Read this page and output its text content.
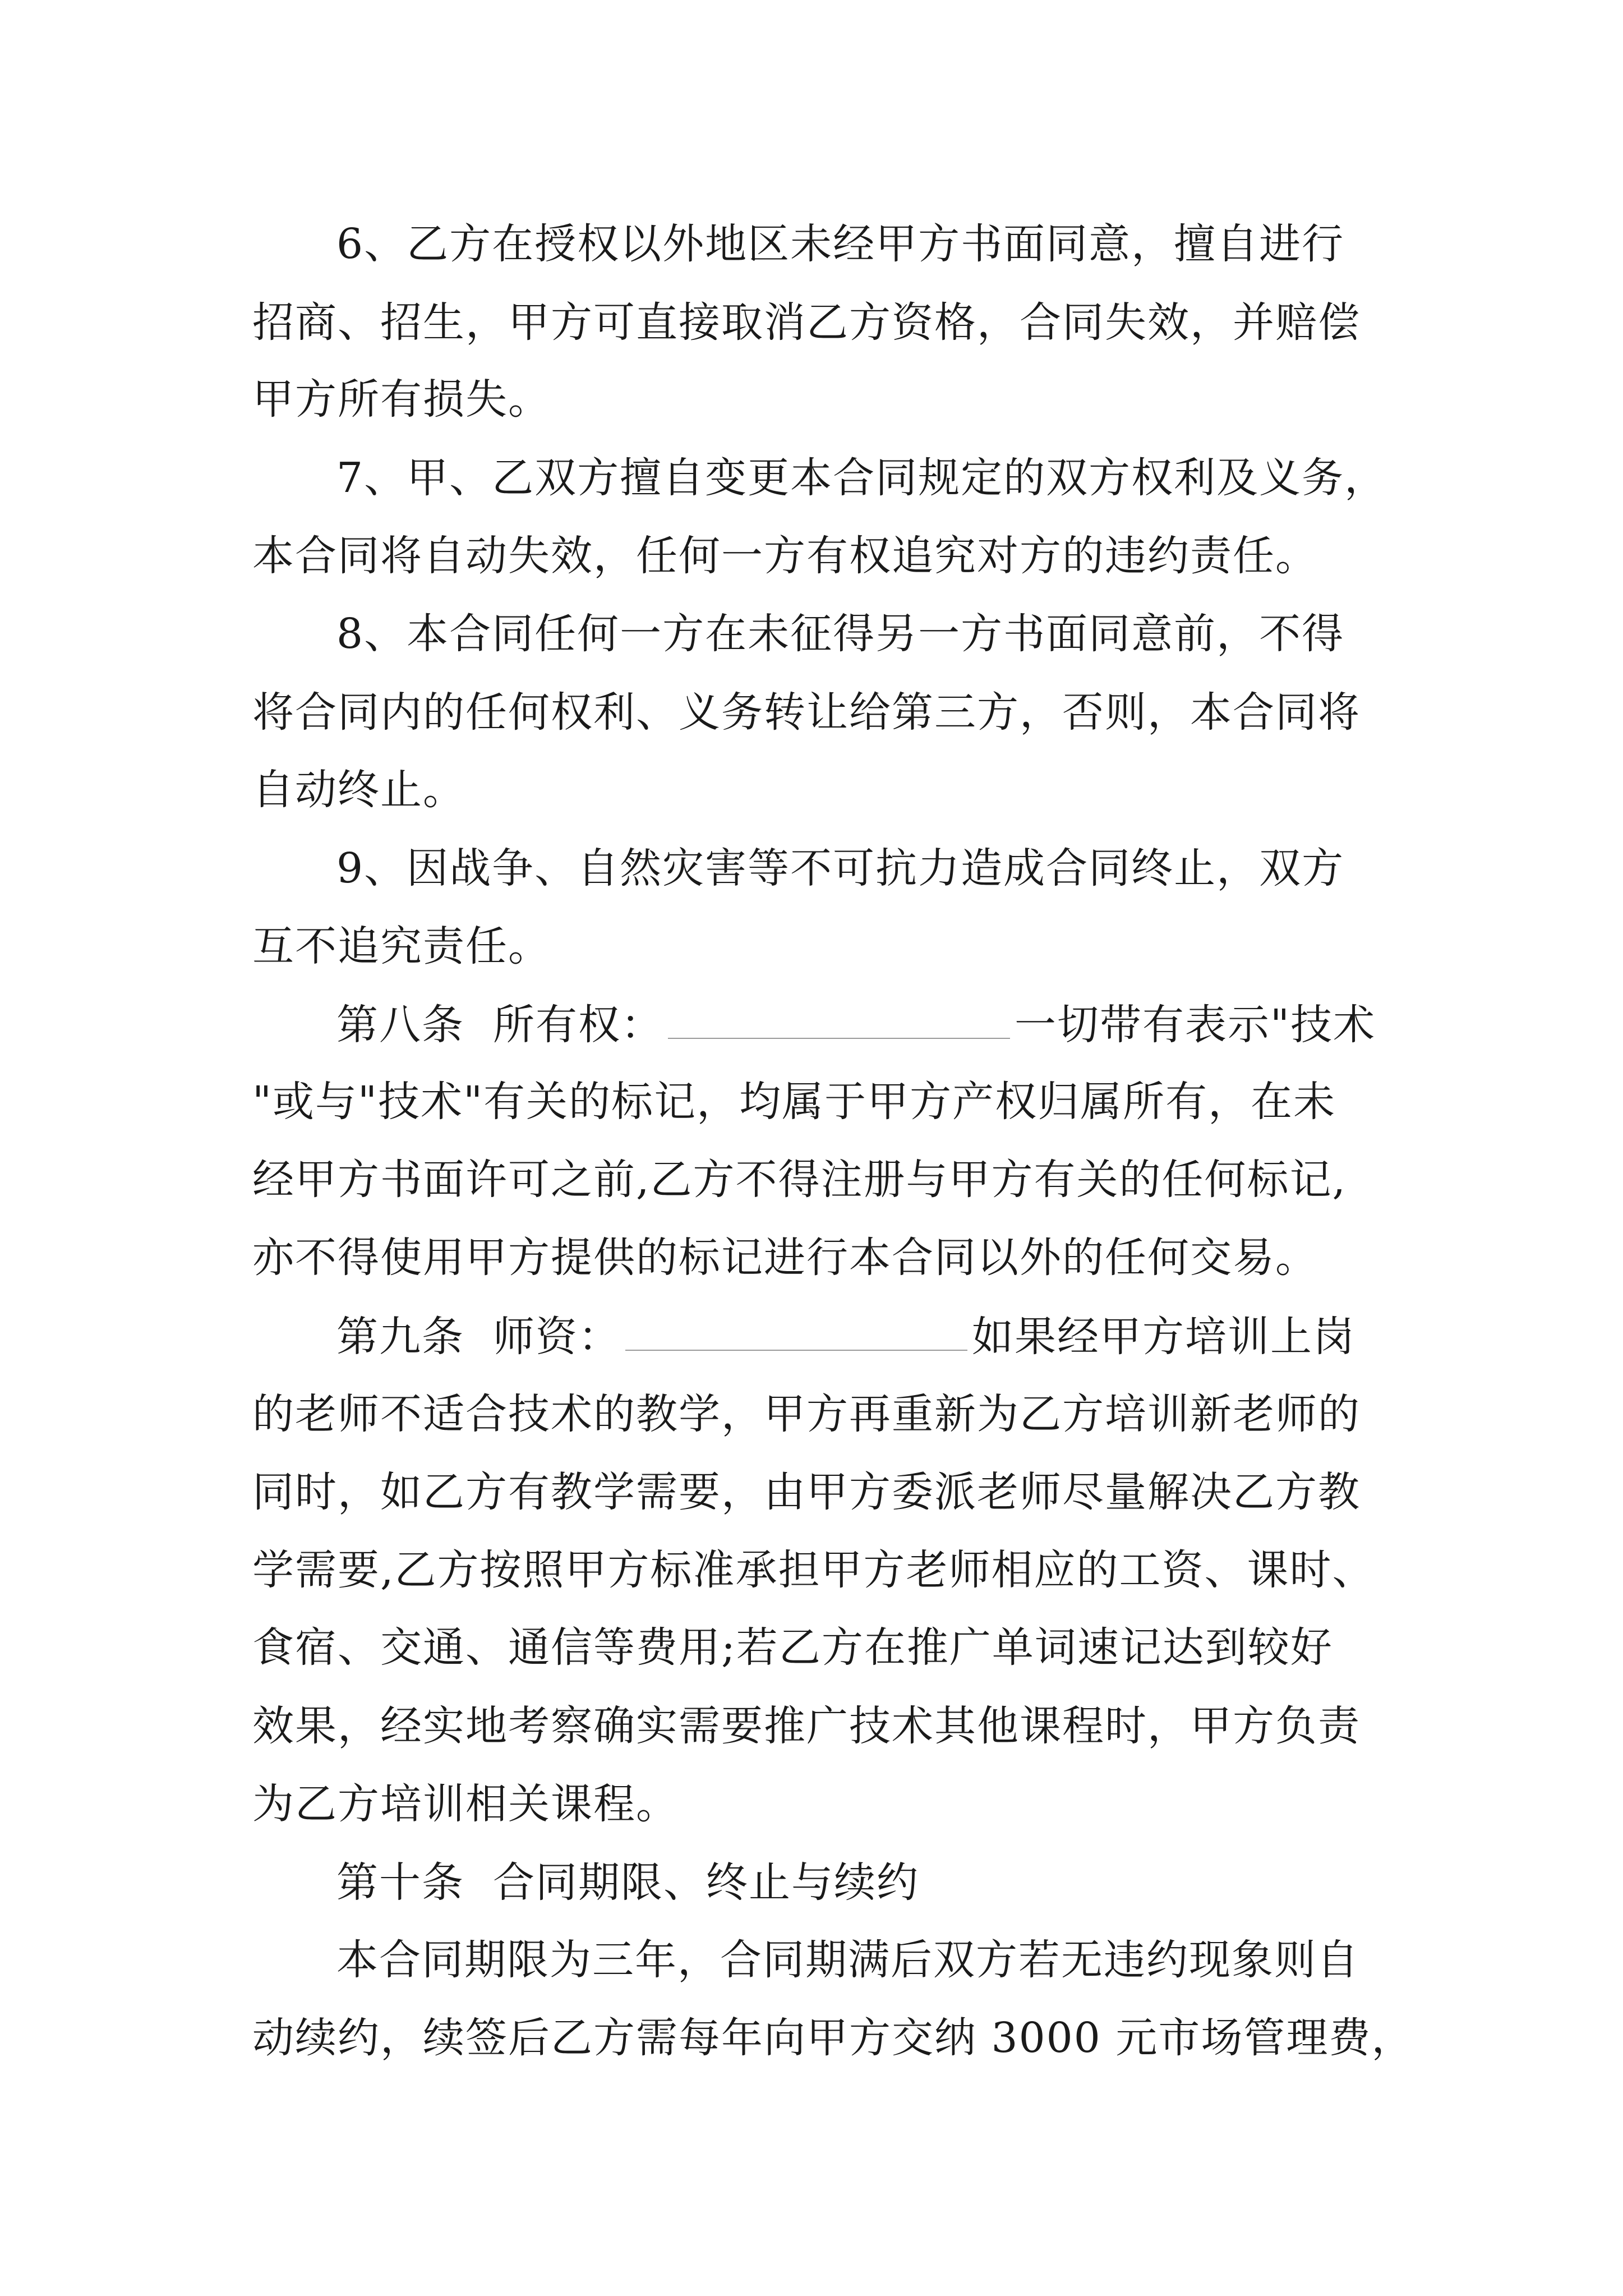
6、乙方在授权以外地区未经甲方书面同意，擅自进行
招商、招生，甲方可直接取消乙方资格，合同失效，并赔偿
甲方所有损失。
7、甲、乙双方擅自变更本合同规定的双方权利及义务，
本合同将自动失效，任何一方有权追究对方的违约责任。
8、本合同任何一方在未征得另一方书面同意前，不得
将合同内的任何权利、义务转让给第三方，否则，本合同将
自动终止。
9、因战争、自然灾害等不可抗力造成合同终止，双方
互不追究责任。
第八条  所有权：	一切带有表示"技术
"或与"技术"有关的标记，均属于甲方产权归属所有，在未
经甲方书面许可之前,乙方不得注册与甲方有关的任何标记,
亦不得使用甲方提供的标记进行本合同以外的任何交易。
第九条  师资：	如果经甲方培训上岗
的老师不适合技术的教学，甲方再重新为乙方培训新老师的
同时，如乙方有教学需要，由甲方委派老师尽量解决乙方教
学需要,乙方按照甲方标准承担甲方老师相应的工资、课时、
食宿、交通、通信等费用;若乙方在推广单词速记达到较好
效果，经实地考察确实需要推广技术其他课程时，甲方负责
为乙方培训相关课程。
第十条  合同期限、终止与续约
本合同期限为三年，合同期满后双方若无违约现象则自
动续约，续签后乙方需每年向甲方交纳 3000 元市场管理费，
